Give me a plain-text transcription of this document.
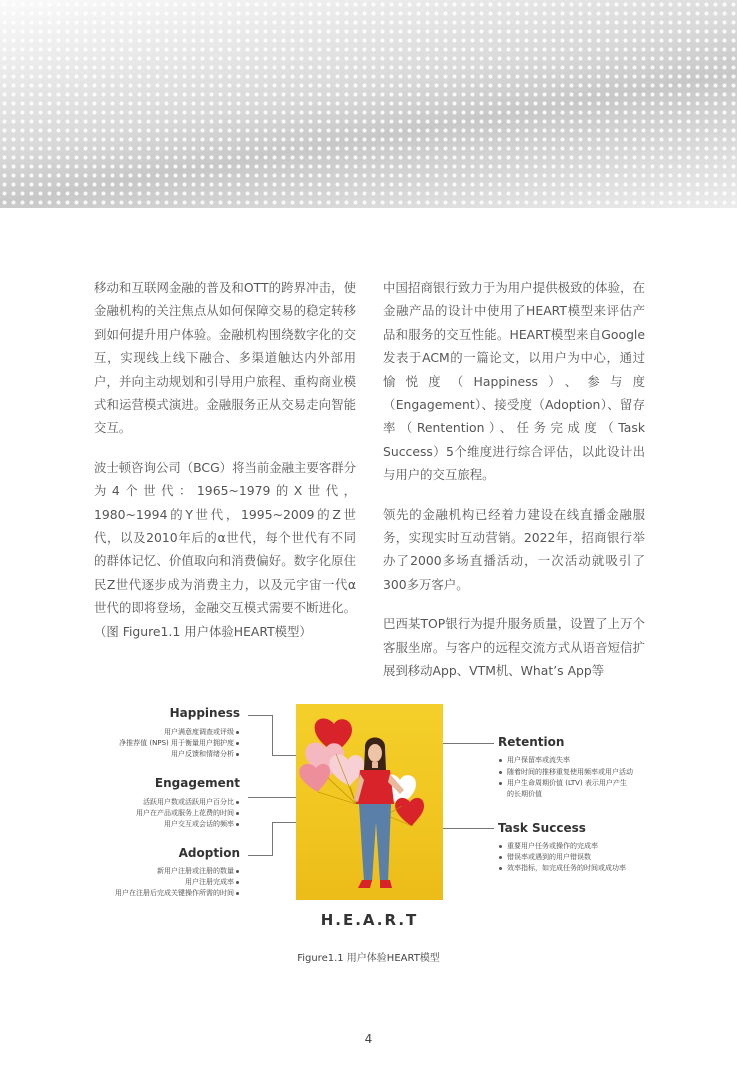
移动和互联网金融的普及和OTT的跨界冲击，使金融机构的关注焦点从如何保障交易的稳定转移到如何提升用户体验。金融机构围绕数字化的交互，实现线上线下融合、多渠道触达内外部用户，并向主动规划和引导用户旅程、重构商业模式和运营模式演进。金融服务正从交易走向智能交互。

波士顿咨询公司（BCG）将当前金融主要客群分为4个世代：1965~1979的X世代，1980~1994的Y世代，1995~2009的Z世代，以及2010年后的α世代，每个世代有不同的群体记忆、价值取向和消费偏好。数字化原住民Z世代逐步成为消费主力，以及元宇宙一代α世代的即将登场，金融交互模式需要不断进化。（图 Figure1.1 用户体验HEART模型）

中国招商银行致力于为用户提供极致的体验，在金融产品的设计中使用了HEART模型来评估产品和服务的交互性能。HEART模型来自Google发表于ACM的一篇论文，以用户为中心，通过愉悦度（Happiness）、参与度（Engagement）、接受度（Adoption）、留存率（Rentention）、任务完成度（Task Success）5个维度进行综合评估，以此设计出与用户的交互旅程。

领先的金融机构已经着力建设在线直播金融服务，实现实时互动营销。2022年，招商银行举办了2000多场直播活动，一次活动就吸引了300多万客户。

巴西某TOP银行为提升服务质量，设置了上万个客服坐席。与客户的远程交流方式从语音短信扩展到移动App、VTM机、What’s App等

Happiness
用户满意度调查或评级
净推荐值 (NPS) 用于衡量用户拥护度
用户反馈和情绪分析
Engagement
活跃用户数或活跃用户百分比
用户在产品或服务上花费的时间
用户交互或会话的频率
Adoption
新用户注册或注册的数量
用户注册完成率
用户在注册后完成关键操作所需的时间
Retention
用户保留率或流失率
随着时间的推移重复使用频率或用户活动
用户生命周期价值 (LTV) 表示用户产生
的长期价值
Task Success
重要用户任务或操作的完成率
错误率或遇到的用户错误数
效率指标，如完成任务的时间或成功率
H.E.A.R.T
Figure1.1 用户体验HEART模型
4
